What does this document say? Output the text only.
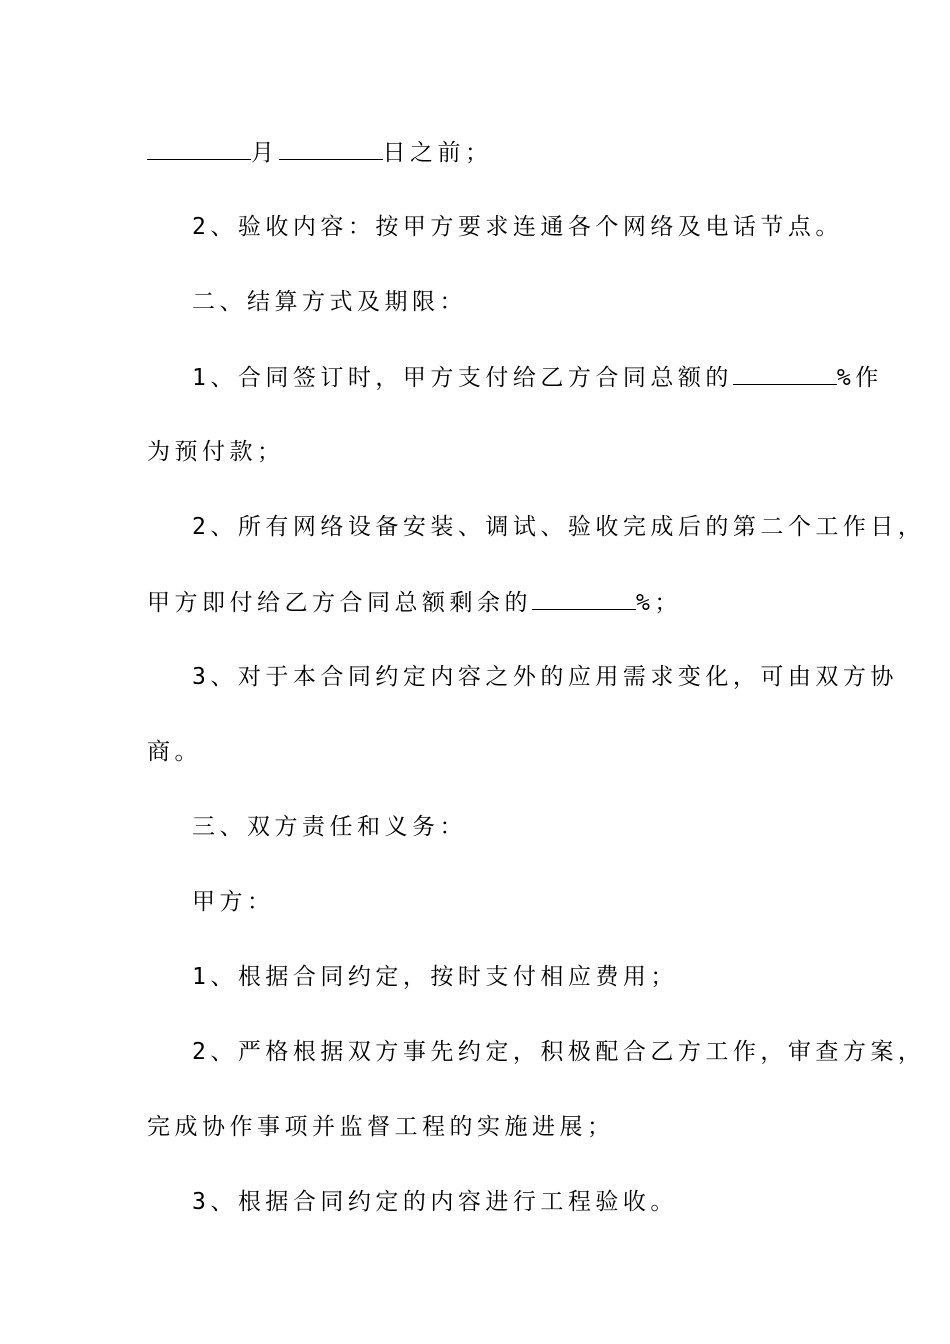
月	日之前；
2、验收内容：按甲方要求连通各个网络及电话节点。
二、结算方式及期限：
1、合同签订时，甲方支付给乙方合同总额的	%作
为预付款；
2、所有网络设备安装、调试、验收完成后的第二个工作日，
甲方即付给乙方合同总额剩余的	%；
3、对于本合同约定内容之外的应用需求变化，可由双方协
商。
三、双方责任和义务：
甲方：
1、根据合同约定，按时支付相应费用；
2、严格根据双方事先约定，积极配合乙方工作，审查方案，
完成协作事项并监督工程的实施进展；
3、根据合同约定的内容进行工程验收。
